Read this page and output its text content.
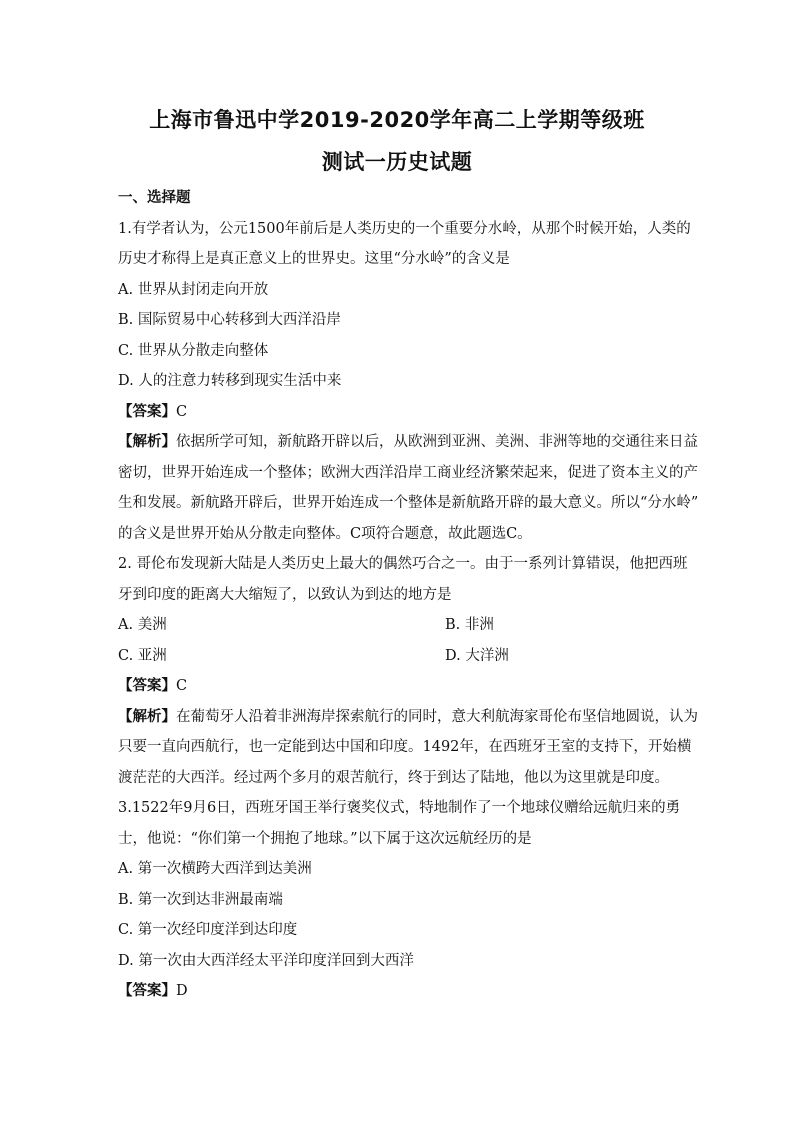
上海市鲁迅中学2019-2020学年高二上学期等级班
测试一历史试题
一、选择题
1.有学者认为，公元1500年前后是人类历史的一个重要分水岭，从那个时候开始，人类的
历史才称得上是真正意义上的世界史。这里“分水岭”的含义是
A. 世界从封闭走向开放
B. 国际贸易中心转移到大西洋沿岸
C. 世界从分散走向整体
D. 人的注意力转移到现实生活中来
【答案】C
【解析】依据所学可知，新航路开辟以后，从欧洲到亚洲、美洲、非洲等地的交通往来日益
密切，世界开始连成一个整体；欧洲大西洋沿岸工商业经济繁荣起来，促进了资本主义的产
生和发展。新航路开辟后，世界开始连成一个整体是新航路开辟的最大意义。所以“分水岭”
的含义是世界开始从分散走向整体。C项符合题意，故此题选C。
2. 哥伦布发现新大陆是人类历史上最大的偶然巧合之一。由于一系列计算错误，他把西班
牙到印度的距离大大缩短了，以致认为到达的地方是
A. 美洲	B. 非洲
C. 亚洲	D. 大洋洲
【答案】C
【解析】在葡萄牙人沿着非洲海岸探索航行的同时，意大利航海家哥伦布坚信地圆说，认为
只要一直向西航行，也一定能到达中国和印度。1492年，在西班牙王室的支持下，开始横
渡茫茫的大西洋。经过两个多月的艰苦航行，终于到达了陆地，他以为这里就是印度。
3.1522年9月6日，西班牙国王举行褒奖仪式，特地制作了一个地球仪赠给远航归来的勇
士，他说：“你们第一个拥抱了地球。”以下属于这次远航经历的是
A. 第一次横跨大西洋到达美洲
B. 第一次到达非洲最南端
C. 第一次经印度洋到达印度
D. 第一次由大西洋经太平洋印度洋回到大西洋
【答案】D
